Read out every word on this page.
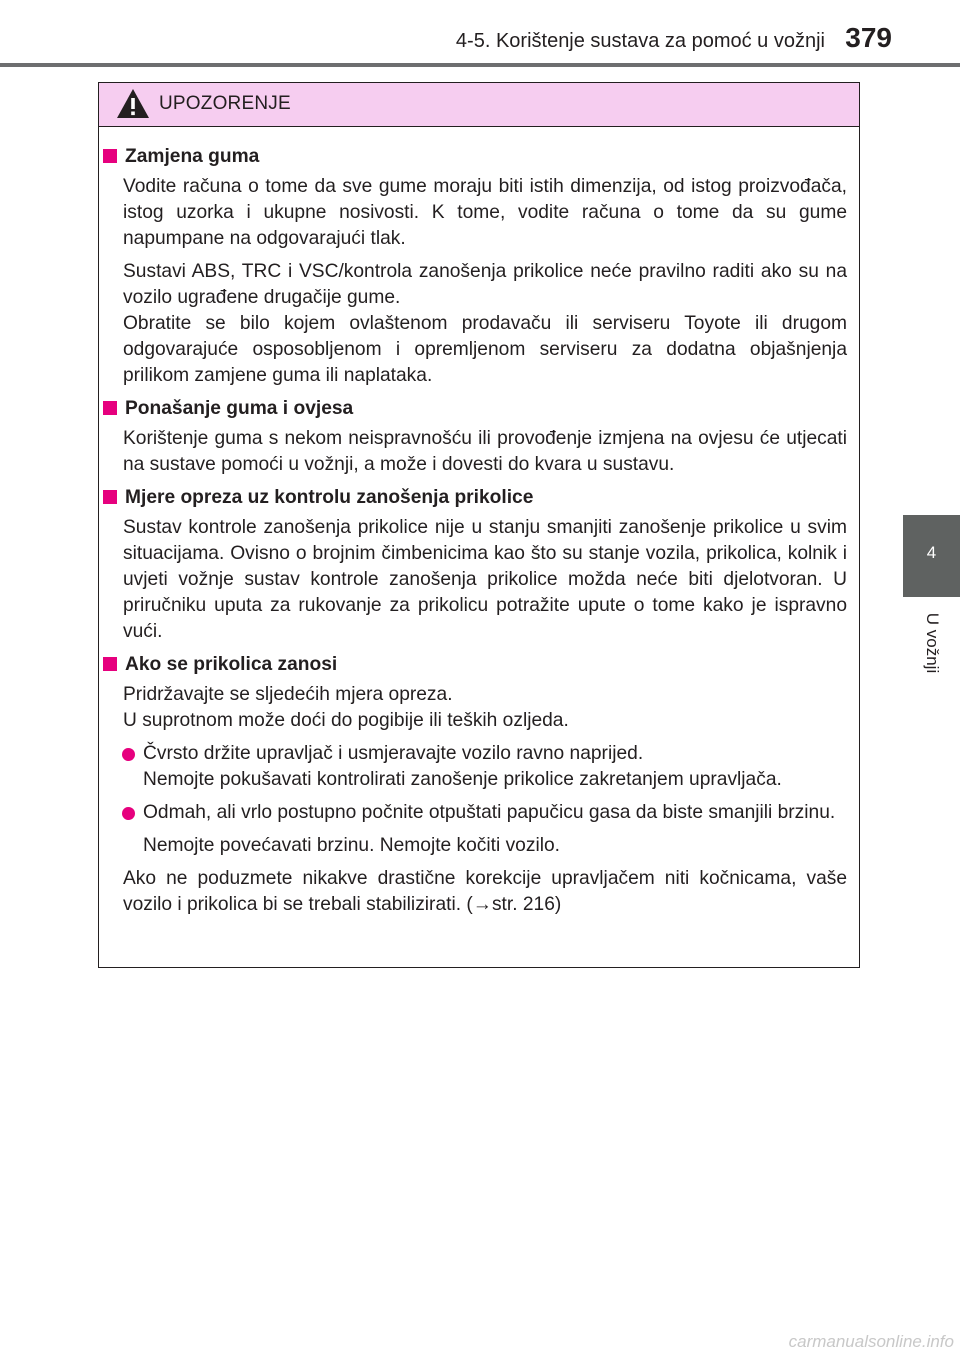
4-5. Korištenje sustava za pomoć u vožnji 379
4
U vožnji
UPOZORENJE
Zamjena guma

Vodite računa o tome da sve gume moraju biti istih dimenzija, od istog proizvođača, istog uzorka i ukupne nosivosti. K tome, vodite računa o tome da su gume napumpane na odgovarajući tlak.

Sustavi ABS, TRC i VSC/kontrola zanošenja prikolice neće pravilno raditi ako su na vozilo ugrađene drugačije gume.

Obratite se bilo kojem ovlaštenom prodavaču ili serviseru Toyote ili drugom odgovarajuće osposobljenom i opremljenom serviseru za dodatna objašnjenja prilikom zamjene guma ili naplataka.

Ponašanje guma i ovjesa

Korištenje guma s nekom neispravnošću ili provođenje izmjena na ovjesu će utjecati na sustave pomoći u vožnji, a može i dovesti do kvara u sustavu.

Mjere opreza uz kontrolu zanošenja prikolice

Sustav kontrole zanošenja prikolice nije u stanju smanjiti zanošenje prikolice u svim situacijama. Ovisno o brojnim čimbenicima kao što su stanje vozila, prikolica, kolnik i uvjeti vožnje sustav kontrole zanošenja prikolice možda neće biti djelotvoran. U priručniku uputa za rukovanje za prikolicu potražite upute o tome kako je ispravno vući.

Ako se prikolica zanosi

Pridržavajte se sljedećih mjera opreza.

U suprotnom može doći do pogibije ili teških ozljeda.

Čvrsto držite upravljač i usmjeravajte vozilo ravno naprijed.
Nemojte pokušavati kontrolirati zanošenje prikolice zakretanjem upravljača.
Odmah, ali vrlo postupno počnite otpuštati papučicu gasa da biste smanjili brzinu.
Nemojte povećavati brzinu. Nemojte kočiti vozilo.

Ako ne poduzmete nikakve drastične korekcije upravljačem niti kočnicama, vaše vozilo i prikolica bi se trebali stabilizirati. (→str. 216)

carmanualsonline.info
